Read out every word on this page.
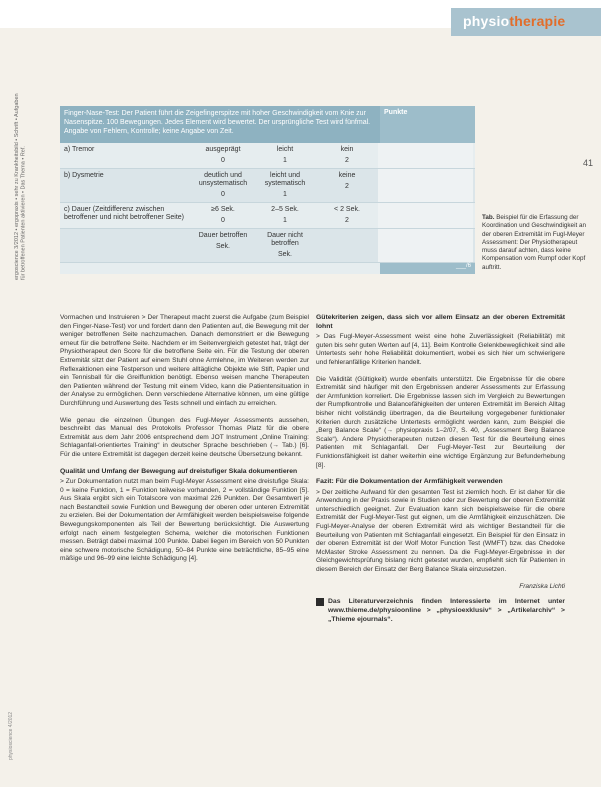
physiotherapie
41
ergoscience 3/2012 • ergopraxis • sehr zu Krankheitsbild • Schrift • Aufgaben für betroffenen Patienten aktivieren • Das Thema • Ref.
physioscience 4/2012
Finger-Nase-Test: Der Patient führt die Zeigefingerspitze mit hoher Geschwindigkeit vom Knie zur Nasenspitze. 100 Bewegungen. Jedes Element wird bewertet. Der ursprüngliche Test wird fünfmal. Angabe von Fehlern, Kontrolle; keine Angabe von Zeit.
Punkte
a) Tremor	ausgeprägt
0
leicht
1
kein
2
b) Dysmetrie	deutlich und unsystematisch
0
leicht und systematisch
1
keine
2
c) Dauer (Zeitdifferenz zwischen betroffener und nicht betroffener Seite)
≥6 Sek.
0
2–5 Sek.
1
< 2 Sek.
2
Dauer betroffen
Sek.
Dauer nicht betroffen
Sek.
___/6
Tab. Beispiel für die Erfassung der Koordination und Geschwindigkeit an der oberen Extremität im Fugl-Meyer Assessment: Der Physiotherapeut muss darauf achten, dass keine Kompensation vom Rumpf oder Kopf auftritt.

Vormachen und Instruieren > Der Therapeut macht zuerst die Aufgabe (zum Beispiel den Finger-Nase-Test) vor und fordert dann den Patienten auf, die Bewegung mit der weniger betroffenen Seite nachzumachen. Danach demonstriert er die Bewegung erneut für die betroffene Seite. Nachdem er im Seitenvergleich getestet hat, trägt der Physiotherapeut den Score für die betroffene Seite ein. Für die Testung der oberen Extremität sitzt der Patient auf einem Stuhl ohne Armlehne, im Weiteren werden zur Reflexaktionen eine Testperson und weitere alltägliche Objekte wie Stift, Papier und ein Tennisball für die Greiffunktion benötigt. Ebenso weisen manche Therapeuten den Patienten während der Testung mit einem Video, kann die Patientensituation in der Analyse zu ermöglichen. Denn verschiedene Alternative können, um eine gültige Durchführung und Auswertung des Tests schnell und einfach zu erreichen.

Wie genau die einzelnen Übungen des Fugl-Meyer Assessments aussehen, beschreibt das Manual des Protokolls Professor Thomas Platz für die obere Extremität aus dem Jahr 2006 entsprechend dem JOT Instrument „Online Training: Schlaganfall-orientiertes Training“ in deutscher Sprache beschrieben (→ Tab.) [6]. Für die untere Extremität ist dagegen derzeit keine deutsche Übersetzung bekannt.

Qualität und Umfang der Bewegung auf dreistufiger Skala dokumentieren

> Zur Dokumentation nutzt man beim Fugl-Meyer Assessment eine dreistufige Skala: 0 = keine Funktion, 1 = Funktion teilweise vorhanden, 2 = vollständige Funktion [5]. Aus Skala ergibt sich ein Totalscore von maximal 226 Punkten. Der Gesamtwert je nach Bestandteil sowie Funktion und Bewegung der oberen oder unteren Extremität zu erzielen. Bei der Dokumentation der Armfähigkeit werden beispielsweise folgende Bewegungskomponenten als Teil der Bewertung berücksichtigt. Die Auswertung erfolgt nach einem festgelegten Schema, welcher die motorischen Funktionen messen. Beträgt dabei maximal 100 Punkte. Dabei liegen im Bereich von 50 Punkten eine schwere motorische Schädigung, 50–84 Punkte eine beträchtliche, 85–95 eine mäßige und 96–99 eine leichte Schädigung [4].

Gütekriterien zeigen, dass sich vor allem Einsatz an der oberen Extremität lohnt

> Das Fugl-Meyer-Assessment weist eine hohe Zuverlässigkeit (Reliabilität) mit guten bis sehr guten Werten auf [4, 11]. Beim Kontrolle Gelenkbeweglichkeit sind alle Untertests sehr hohe Reliabilität dokumentiert, wobei es sich hier um schwierigere und fehleranfällige Kriterien handelt.

Die Validität (Gültigkeit) wurde ebenfalls unterstützt. Die Ergebnisse für die obere Extremität sind häufiger mit den Ergebnissen anderer Assessments zur Erfassung der Armfunktion korreliert. Die Ergebnisse lassen sich im Vergleich zu Bewertungen der Rumpfkontrolle und Balancefähigkeiten der unteren Extremität im Bereich Alltag bisher nicht vollständig übertragen, da die Beurteilung vorgegebener funktionaler Kriterien durch zusätzliche Untertests ermöglicht werden kann, zum Beispiel die „Berg Balance Scale“ (→ physiopraxis 1–2/07, S. 40, „Assessment Berg Balance Scale“). Andere Physiotherapeuten nutzen diesen Test für die Beurteilung eines Patienten mit Schlaganfall. Der Fugl-Meyer-Test zur Beurteilung der Funktionsfähigkeit ist daher weiterhin eine wichtige Ergänzung zur Befunderhebung [8].

Fazit: Für die Dokumentation der Armfähigkeit verwenden

> Der zeitliche Aufwand für den gesamten Test ist ziemlich hoch. Er ist daher für die Anwendung in der Praxis sowie in Studien oder zur Bewertung der oberen Extremität unterschiedlich geeignet. Zur Evaluation kann sich beispielsweise für die obere Extremität der Fugl-Meyer-Test gut eignen, um die Armfähigkeit einzuschätzen. Die Fugl-Meyer-Analyse der oberen Extremität wird als wichtiger Bestandteil für die Beurteilung von Patienten mit Schlaganfall eingesetzt. Ein Beispiel für den Einsatz in der oberen Extremität ist der Wolf Motor Function Test (WMFT) bzw. das Chedoke McMaster Stroke Assessment zu nennen. Da die Fugl-Meyer-Ergebnisse in der Gleichgewichtsprüfung bislang nicht getestet wurden, empfiehlt sich für Patienten in diesem Bereich der Einsatz der Berg Balance Skala einzusetzen.

Franziska Lichti
Das Literaturverzeichnis finden Interessierte im Internet unter www.thieme.de/physioonline > „physioexklusiv“ > „Artikelarchiv“ > „Thieme ejournals“.
